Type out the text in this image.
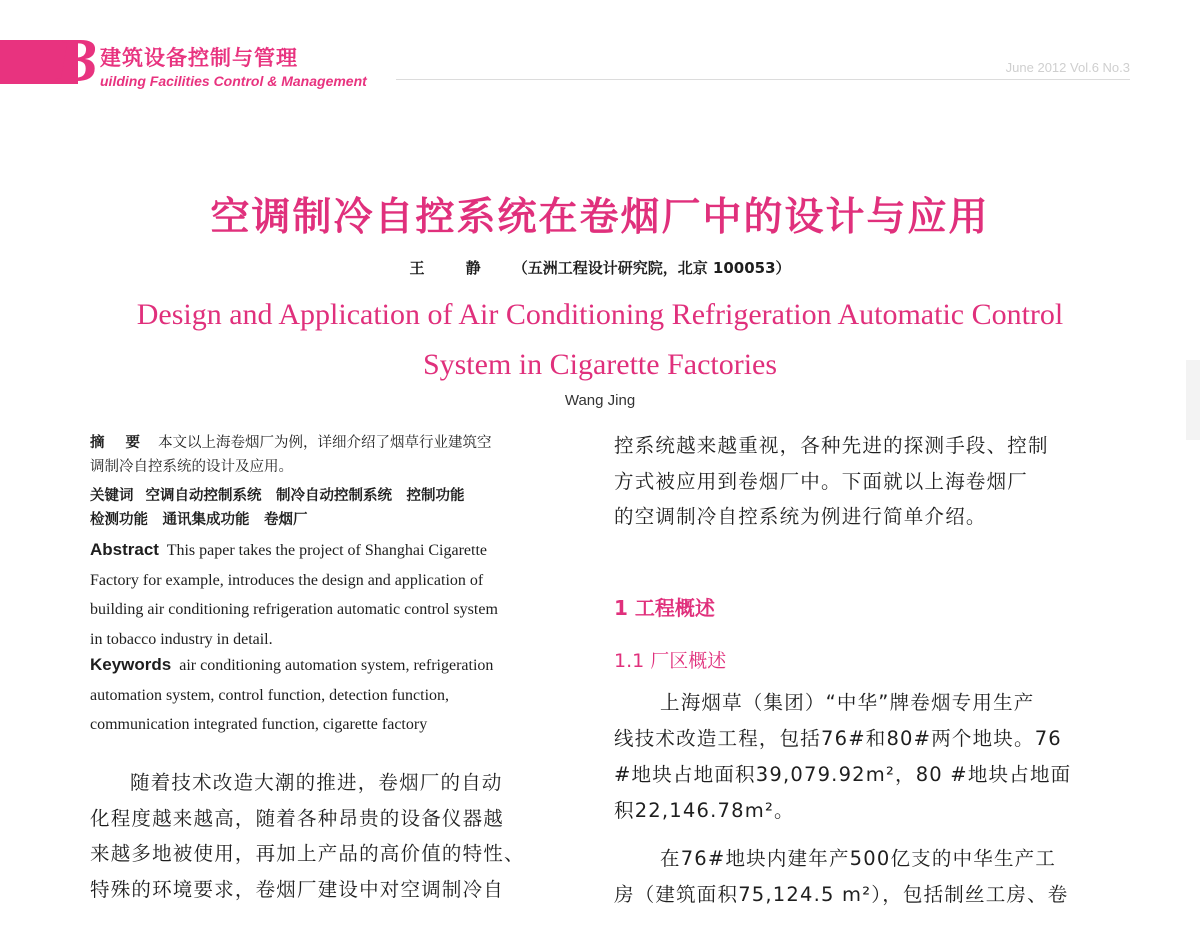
B 建筑设备控制与管理
uilding Facilities Control & Management
June 2012 Vol.6 No.3
空调制冷自控系统在卷烟厂中的设计与应用
王 静 （五洲工程设计研究院，北京 100053）
Design and Application of Air Conditioning Refrigeration Automatic Control
System in Cigarette Factories
Wang Jing
摘 要 本文以上海卷烟厂为例，详细介绍了烟草行业建筑空
调制冷自控系统的设计及应用。
关键词 空调自动控制系统　制冷自动控制系统　控制功能
检测功能　通讯集成功能　卷烟厂
Abstract This paper takes the project of Shanghai Cigarette
Factory for example, introduces the design and application of
building air conditioning refrigeration automatic control system
in tobacco industry in detail.
Keywords air conditioning automation system, refrigeration
automation system, control function, detection function,
communication integrated function, cigarette factory
随着技术改造大潮的推进，卷烟厂的自动
化程度越来越高，随着各种昂贵的设备仪器越
来越多地被使用，再加上产品的高价值的特性、
特殊的环境要求，卷烟厂建设中对空调制冷自
控系统越来越重视，各种先进的探测手段、控制
方式被应用到卷烟厂中。下面就以上海卷烟厂
的空调制冷自控系统为例进行简单介绍。
1 工程概述
1.1 厂区概述
上海烟草（集团）“中华”牌卷烟专用生产
线技术改造工程，包括76#和80#两个地块。76
#地块占地面积39,079.92m²，80 #地块占地面
积22,146.78m²。
在76#地块内建年产500亿支的中华生产工
房（建筑面积75,124.5 m²），包括制丝工房、卷
